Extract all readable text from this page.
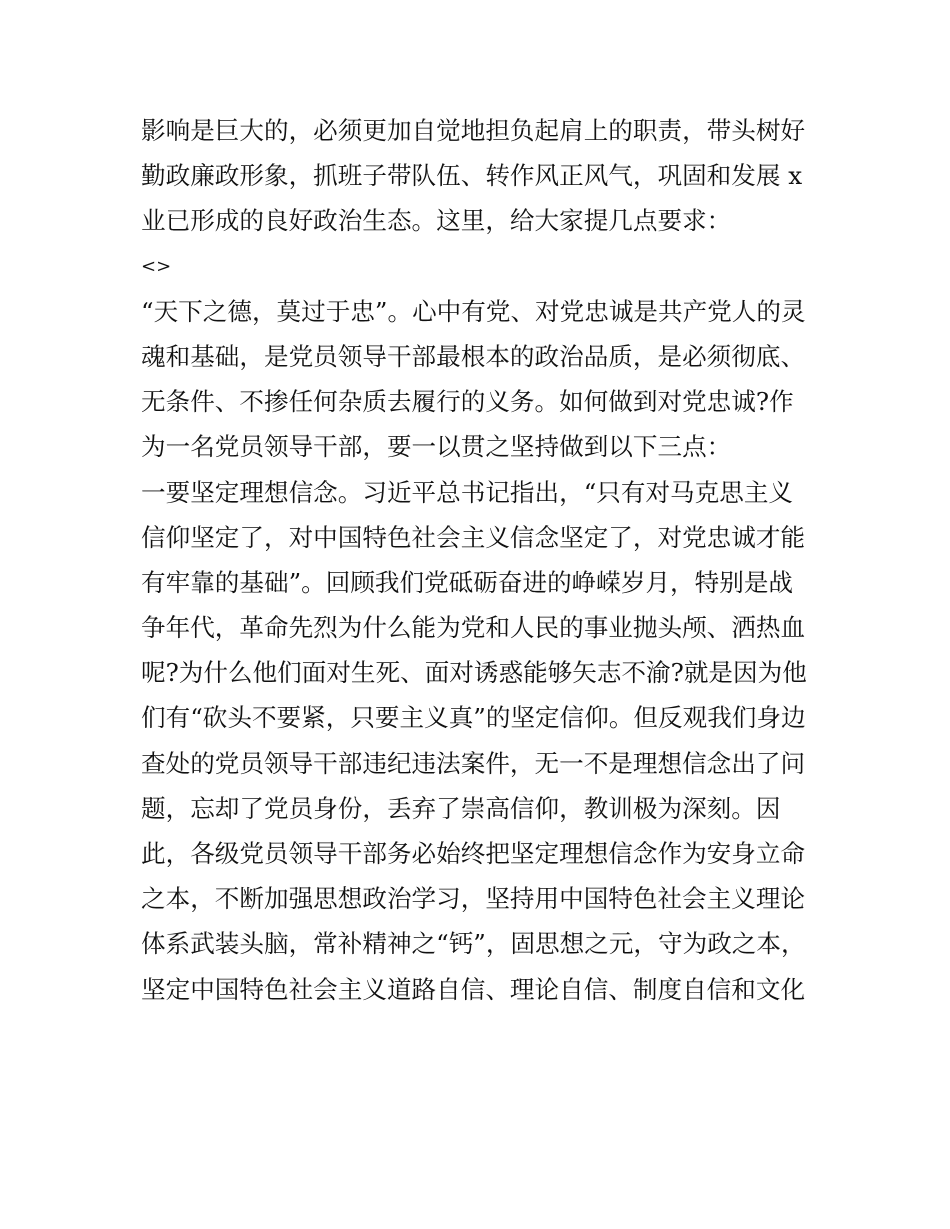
影响是巨大的，必须更加自觉地担负起肩上的职责，带头树好
勤政廉政形象，抓班子带队伍、转作风正风气，巩固和发展 x
业已形成的良好政治生态。这里，给大家提几点要求：
<>
“天下之德，莫过于忠”。心中有党、对党忠诚是共产党人的灵
魂和基础，是党员领导干部最根本的政治品质，是必须彻底、
无条件、不掺任何杂质去履行的义务。如何做到对党忠诚?作
为一名党员领导干部，要一以贯之坚持做到以下三点：
一要坚定理想信念。习近平总书记指出，“只有对马克思主义
信仰坚定了，对中国特色社会主义信念坚定了，对党忠诚才能
有牢靠的基础”。回顾我们党砥砺奋进的峥嵘岁月，特别是战
争年代，革命先烈为什么能为党和人民的事业抛头颅、洒热血
呢?为什么他们面对生死、面对诱惑能够矢志不渝?就是因为他
们有“砍头不要紧，只要主义真”的坚定信仰。但反观我们身边
查处的党员领导干部违纪违法案件，无一不是理想信念出了问
题，忘却了党员身份，丢弃了崇高信仰，教训极为深刻。因
此，各级党员领导干部务必始终把坚定理想信念作为安身立命
之本，不断加强思想政治学习，坚持用中国特色社会主义理论
体系武装头脑，常补精神之“钙”，固思想之元，守为政之本，
坚定中国特色社会主义道路自信、理论自信、制度自信和文化
